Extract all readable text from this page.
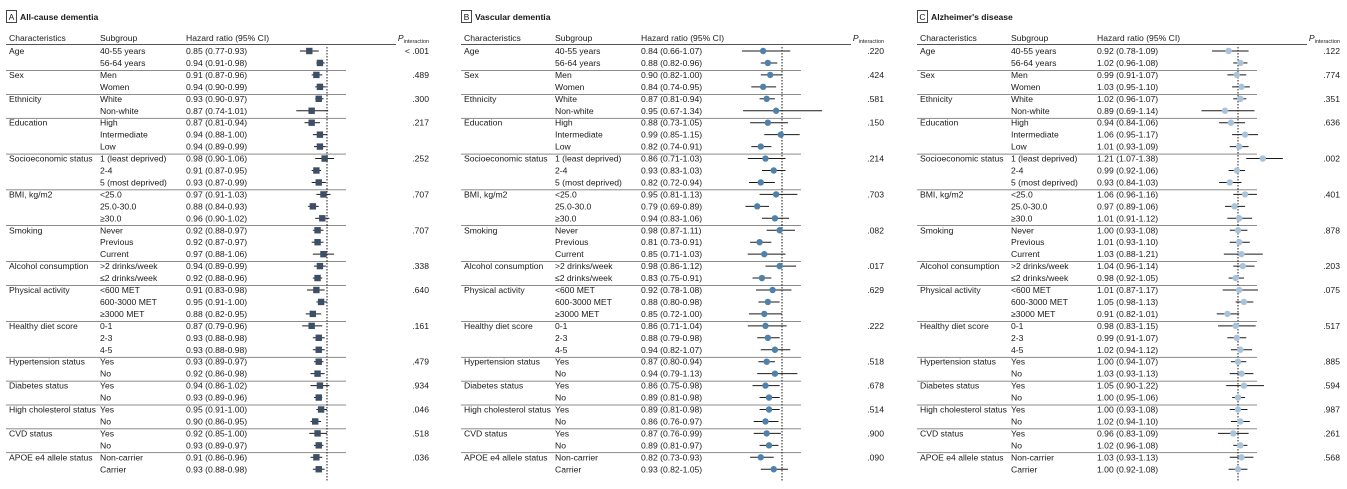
A All-cause dementia
Characteristics	Subgroup	Hazard ratio (95% CI)	$P_{interaction}$
Age	< .001
40-55 years	0.85 (0.77-0.93)
56-64 years	0.94 (0.91-0.98)
Sex	.489
Men	0.91 (0.87-0.96)
Women	0.94 (0.90-0.99)
Ethnicity	.300
White	0.93 (0.90-0.97)
Non-white	0.87 (0.74-1.01)
Education	.217
High	0.87 (0.81-0.94)
Intermediate	0.94 (0.88-1.00)
Low	0.94 (0.89-0.99)
Socioeconomic status	.252
1 (least deprived) 0.98 (0.90-1.06)
2-4	0.91 (0.87-0.95)
5 (most deprived) 0.93 (0.87-0.99)
BMI, kg/m2	.707
<25.0	0.97 (0.91-1.03)
25.0-30.0	0.88 (0.84-0.93)
≥30.0	0.96 (0.90-1.02)
Smoking	.707
Never	0.92 (0.88-0.97)
Previous	0.92 (0.87-0.97)
Current	0.97 (0.88-1.06)
Alcohol consumption	.338
>2 drinks/week	0.94 (0.89-0.99)
≤2 drinks/week	0.92 (0.88-0.96)
Physical activity	.640
<600 MET	0.91 (0.83-0.98)
600-3000 MET	0.95 (0.91-1.00)
≥3000 MET	0.88 (0.82-0.95)
Healthy diet score	.161
0-1	0.87 (0.79-0.96)
2-3	0.93 (0.88-0.98)
4-5	0.93 (0.88-0.98)
Hypertension status	.479
Yes	0.93 (0.89-0.97)
No	0.92 (0.86-0.98)
Diabetes status	.934
Yes	0.94 (0.86-1.02)
No	0.93 (0.89-0.96)
High cholesterol status	.046
Yes	0.95 (0.91-1.00)
No	0.90 (0.86-0.95)
CVD status	.518
Yes	0.92 (0.85-1.00)
No	0.93 (0.89-0.97)
APOE e4 allele status	.036
Non-carrier	0.91 (0.86-0.96)
Carrier	0.93 (0.88-0.98)
B Vascular dementia
Characteristics	Subgroup	Hazard ratio (95% CI)	$P_{interaction}$
Age	.220
40-55 years	0.84 (0.66-1.07)
56-64 years	0.88 (0.82-0.96)
Sex	.424
Men	0.90 (0.82-1.00)
Women	0.84 (0.74-0.95)
Ethnicity	.581
White	0.87 (0.81-0.94)
Non-white	0.95 (0.67-1.34)
Education	.150
High	0.88 (0.73-1.05)
Intermediate	0.99 (0.85-1.15)
Low	0.82 (0.74-0.91)
Socioeconomic status	.214
1 (least deprived) 0.86 (0.71-1.03)
2-4	0.93 (0.83-1.03)
5 (most deprived) 0.82 (0.72-0.94)
BMI, kg/m2	.703
<25.0	0.95 (0.81-1.13)
25.0-30.0	0.79 (0.69-0.89)
≥30.0	0.94 (0.83-1.06)
Smoking	.082
Never	0.98 (0.87-1.11)
Previous	0.81 (0.73-0.91)
Current	0.85 (0.71-1.03)
Alcohol consumption	.017
>2 drinks/week	0.98 (0.86-1.12)
≤2 drinks/week	0.83 (0.75-0.91)
Physical activity	.629
<600 MET	0.92 (0.78-1.08)
600-3000 MET	0.88 (0.80-0.98)
≥3000 MET	0.85 (0.72-1.00)
Healthy diet score	.222
0-1	0.86 (0.71-1.04)
2-3	0.88 (0.79-0.98)
4-5	0.94 (0.82-1.07)
Hypertension status	.518
Yes	0.87 (0.80-0.94)
No	0.94 (0.79-1.13)
Diabetes status	.678
Yes	0.86 (0.75-0.98)
No	0.89 (0.81-0.98)
High cholesterol status	.514
Yes	0.89 (0.81-0.98)
No	0.86 (0.76-0.97)
CVD status	.900
Yes	0.87 (0.76-0.99)
No	0.89 (0.81-0.97)
APOE e4 allele status	.090
Non-carrier	0.82 (0.73-0.93)
Carrier	0.93 (0.82-1.05)
C Alzheimer's disease
Characteristics	Subgroup	Hazard ratio (95% CI)	$P_{interaction}$
Age	.122
40-55 years	0.92 (0.78-1.09)
56-64 years	1.02 (0.96-1.08)
Sex	.774
Men	0.99 (0.91-1.07)
Women	1.03 (0.95-1.10)
Ethnicity	.351
White	1.02 (0.96-1.07)
Non-white	0.89 (0.69-1.14)
Education	.636
High	0.94 (0.84-1.06)
Intermediate	1.06 (0.95-1.17)
Low	1.01 (0.93-1.09)
Socioeconomic status	.002
1 (least deprived) 1.21 (1.07-1.38)
2-4	0.99 (0.92-1.06)
5 (most deprived) 0.93 (0.84-1.03)
BMI, kg/m2	.401
<25.0	1.06 (0.96-1.16)
25.0-30.0	0.97 (0.89-1.06)
≥30.0	1.01 (0.91-1.12)
Smoking	.878
Never	1.00 (0.93-1.08)
Previous	1.01 (0.93-1.10)
Current	1.03 (0.88-1.21)
Alcohol consumption	.203
>2 drinks/week	1.04 (0.96-1.14)
≤2 drinks/week	0.98 (0.92-1.05)
Physical activity	.075
<600 MET	1.01 (0.87-1.17)
600-3000 MET	1.05 (0.98-1.13)
≥3000 MET	0.91 (0.82-1.01)
Healthy diet score	.517
0-1	0.98 (0.83-1.15)
2-3	0.99 (0.91-1.07)
4-5	1.02 (0.94-1.12)
Hypertension status	.885
Yes	1.00 (0.94-1.07)
No	1.03 (0.93-1.13)
Diabetes status	.594
Yes	1.05 (0.90-1.22)
No	1.00 (0.95-1.06)
High cholesterol status	.987
Yes	1.00 (0.93-1.08)
No	1.02 (0.94-1.10)
CVD status	.261
Yes	0.96 (0.83-1.09)
No	1.02 (0.96-1.08)
APOE e4 allele status	.568
Non-carrier	1.03 (0.93-1.13)
Carrier	1.00 (0.92-1.08)
